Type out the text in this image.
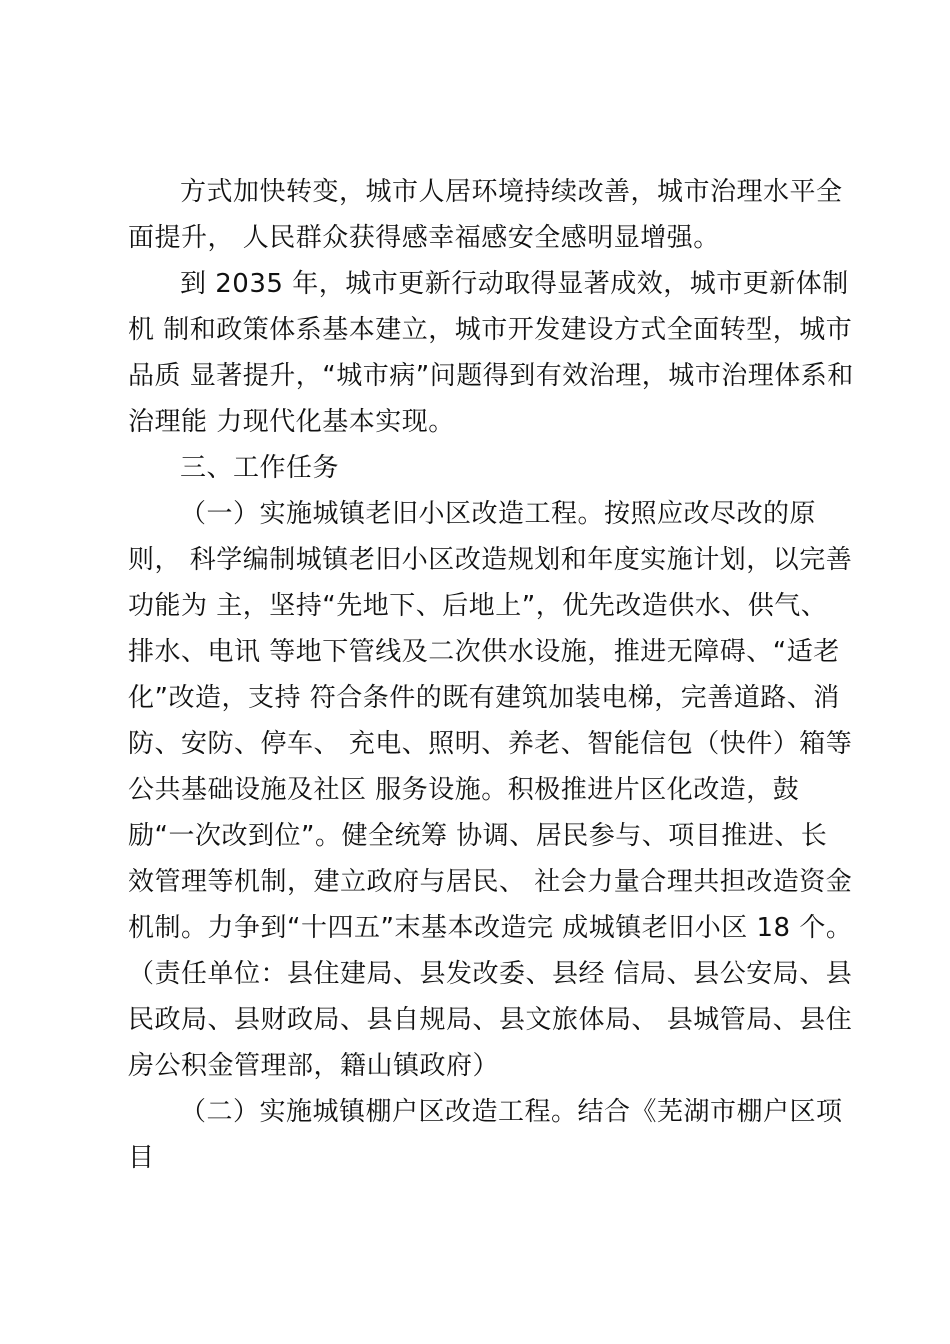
方式加快转变，城市人居环境持续改善，城市治理水平全
面提升， 人民群众获得感幸福感安全感明显增强。
到 2035 年，城市更新行动取得显著成效，城市更新体制
机 制和政策体系基本建立，城市开发建设方式全面转型，城市
品质 显著提升，“城市病”问题得到有效治理，城市治理体系和
治理能 力现代化基本实现。
三、工作任务
（一）实施城镇老旧小区改造工程。按照应改尽改的原
则， 科学编制城镇老旧小区改造规划和年度实施计划，以完善
功能为 主，坚持“先地下、后地上”，优先改造供水、供气、
排水、电讯 等地下管线及二次供水设施，推进无障碍、“适老
化”改造，支持 符合条件的既有建筑加装电梯，完善道路、消
防、安防、停车、 充电、照明、养老、智能信包（快件）箱等
公共基础设施及社区 服务设施。积极推进片区化改造，鼓
励“一次改到位”。健全统筹 协调、居民参与、项目推进、长
效管理等机制，建立政府与居民、 社会力量合理共担改造资金
机制。力争到“十四五”末基本改造完 成城镇老旧小区 18 个。
（责任单位：县住建局、县发改委、县经 信局、县公安局、县
民政局、县财政局、县自规局、县文旅体局、 县城管局、县住
房公积金管理部，籍山镇政府）
（二）实施城镇棚户区改造工程。结合《芜湖市棚户区项
目
